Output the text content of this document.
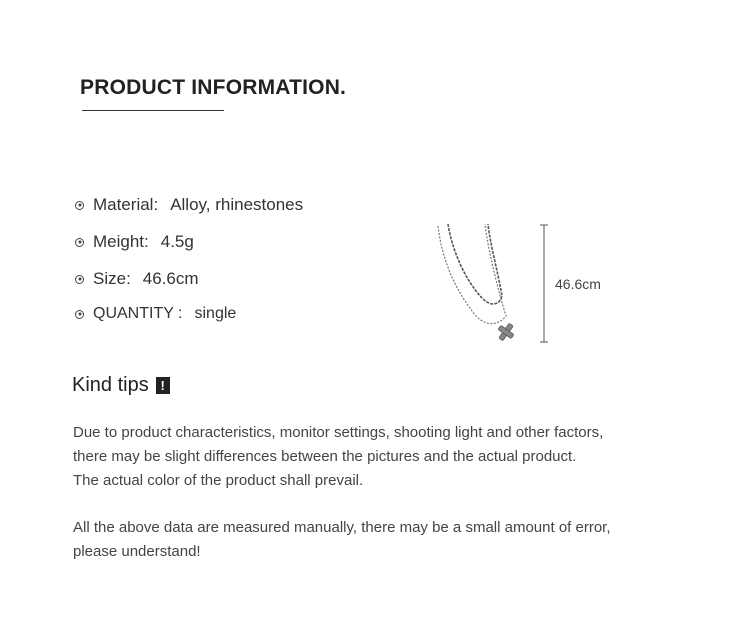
PRODUCT INFORMATION.
Material: Alloy, rhinestones
Meight: 4.5g
Size: 46.6cm
QUANTITY : single
46.6cm
Kind tips !
Due to product characteristics, monitor settings, shooting light and other factors,
there may be slight differences between the pictures and the actual product.
The actual color of the product shall prevail.
All the above data are measured manually, there may be a small amount of error,
please understand!
